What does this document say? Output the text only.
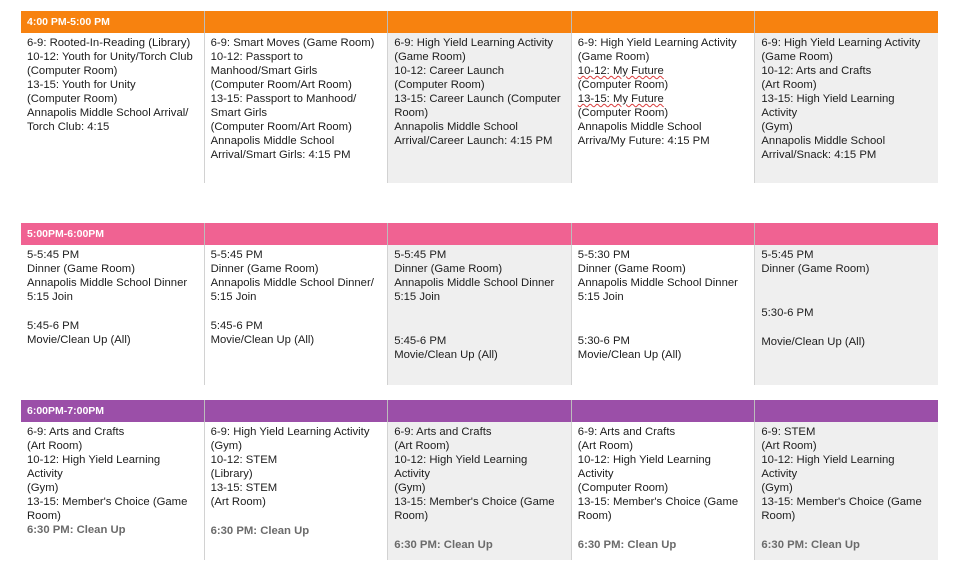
4:00 PM-5:00 PM
6-9: Rooted-In-Reading (Library)
10-12: Youth for Unity/Torch Club
(Computer Room)
13-15: Youth for Unity
(Computer Room)
Annapolis Middle School Arrival/ Torch Club: 4:15
6-9: Smart Moves (Game Room)
10-12: Passport to Manhood/Smart Girls
(Computer Room/Art Room)
13-15: Passport to Manhood/ Smart Girls
(Computer Room/Art Room)
Annapolis Middle School Arrival/Smart Girls: 4:15 PM
6-9: High Yield Learning Activity (Game Room)
10-12: Career Launch
(Computer Room)
13-15: Career Launch (Computer Room)
Annapolis Middle School Arrival/Career Launch: 4:15 PM
6-9: High Yield Learning Activity (Game Room)
10-12: My Future
(Computer Room)
13-15: My Future
(Computer Room)
Annapolis Middle School Arriva/My Future: 4:15 PM
6-9: High Yield Learning Activity (Game Room)
10-12: Arts and Crafts
(Art Room)
13-15: High Yield Learning Activity
(Gym)
Annapolis Middle School Arrival/Snack: 4:15 PM
5:00PM-6:00PM
5-5:45 PM
Dinner (Game Room)
Annapolis Middle School Dinner 5:15 Join
5:45-6 PM
Movie/Clean Up (All)
5-5:45 PM
Dinner (Game Room)
Annapolis Middle School Dinner/ 5:15 Join
5:45-6 PM
Movie/Clean Up (All)
5-5:45 PM
Dinner (Game Room)
Annapolis Middle School Dinner 5:15 Join
5:45-6 PM
Movie/Clean Up (All)
5-5:30 PM
Dinner (Game Room)
Annapolis Middle School Dinner 5:15 Join
5:30-6 PM
Movie/Clean Up (All)
5-5:45 PM
Dinner (Game Room)
5:30-6 PM
Movie/Clean Up (All)
6:00PM-7:00PM
6-9: Arts and Crafts
(Art Room)
10-12: High Yield Learning Activity
(Gym)
13-15: Member's Choice (Game Room)
6:30 PM: Clean Up
6-9: High Yield Learning Activity
(Gym)
10-12: STEM
(Library)
13-15: STEM
(Art Room)
6:30 PM: Clean Up
6-9: Arts and Crafts
(Art Room)
10-12: High Yield Learning Activity
(Gym)
13-15: Member's Choice (Game Room)
6:30 PM: Clean Up
6-9: Arts and Crafts
(Art Room)
10-12: High Yield Learning Activity
(Computer Room)
13-15: Member's Choice (Game Room)
6:30 PM: Clean Up
6-9: STEM
(Art Room)
10-12: High Yield Learning Activity
(Gym)
13-15: Member's Choice (Game Room)
6:30 PM: Clean Up
